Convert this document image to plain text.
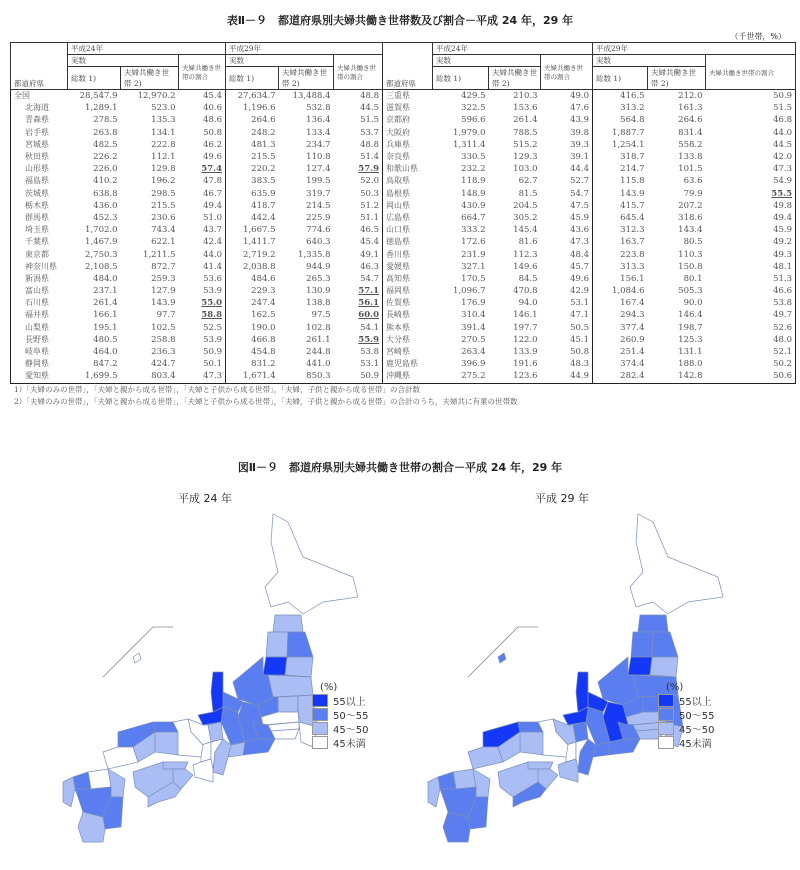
表Ⅱ－９　都道府県別夫婦共働き世帯数及び割合－平成 24 年，29 年
（千世帯，%）
都道府県	平成24年			平成29年			都道府県	平成24年			平成29年		
	実数		夫婦共働き世帯の割合	実数		夫婦共働き世帯の割合		実数		夫婦共働き世帯の割合	実数		夫婦共働き世帯の割合
	総数 1)	夫婦共働き世帯 2)		総数 1)	夫婦共働き世帯 2)			総数 1)	夫婦共働き世帯 2)		総数 1)	夫婦共働き世帯 2)	
全国	28,547.9	12,970.2	45.4	27,634.7	13,488.4	48.8	三重県	429.5	210.3	49.0	416.5	212.0	50.9
北海道	1,289.1	523.0	40.6	1,196.6	532.8	44.5	滋賀県	322.5	153.6	47.6	313.2	161.3	51.5
青森県	278.5	135.3	48.6	264.6	136.4	51.5	京都府	596.6	261.4	43.9	564.8	264.6	46.8
岩手県	263.8	134.1	50.8	248.2	133.4	53.7	大阪府	1,979.0	788.5	39.8	1,887.7	831.4	44.0
宮城県	482.5	222.8	46.2	481.3	234.7	48.8	兵庫県	1,311.4	515.2	39.3	1,254.1	558.2	44.5
秋田県	226.2	112.1	49.6	215.5	110.8	51.4	奈良県	330.5	129.3	39.1	318.7	133.8	42.0
山形県	226.0	129.8	57.4	220.2	127.4	57.9	和歌山県	232.2	103.0	44.4	214.7	101.5	47.3
福島県	410.2	196.2	47.8	383.5	199.5	52.0	鳥取県	118.9	62.7	52.7	115.8	63.6	54.9
茨城県	638.8	298.5	46.7	635.9	319.7	50.3	島根県	148.9	81.5	54.7	143.9	79.9	55.5
栃木県	436.0	215.5	49.4	418.7	214.5	51.2	岡山県	430.9	204.5	47.5	415.7	207.2	49.8
群馬県	452.3	230.6	51.0	442.4	225.9	51.1	広島県	664.7	305.2	45.9	645.4	318.6	49.4
埼玉県	1,702.0	743.4	43.7	1,667.5	774.6	46.5	山口県	333.2	145.4	43.6	312.3	143.4	45.9
千葉県	1,467.9	622.1	42.4	1,411.7	640.3	45.4	徳島県	172.6	81.6	47.3	163.7	80.5	49.2
東京都	2,750.3	1,211.5	44.0	2,719.2	1,335.8	49.1	香川県	231.9	112.3	48.4	223.8	110.3	49.3
神奈川県	2,108.5	872.7	41.4	2,038.8	944.9	46.3	愛媛県	327.1	149.6	45.7	313.3	150.8	48.1
新潟県	484.0	259.3	53.6	484.6	265.3	54.7	高知県	170.5	84.5	49.6	156.1	80.1	51.3
富山県	237.1	127.9	53.9	229.3	130.9	57.1	福岡県	1,096.7	470.8	42.9	1,084.6	505.3	46.6
石川県	261.4	143.9	55.0	247.4	138.8	56.1	佐賀県	176.9	94.0	53.1	167.4	90.0	53.8
福井県	166.1	97.7	58.8	162.5	97.5	60.0	長崎県	310.4	146.1	47.1	294.3	146.4	49.7
山梨県	195.1	102.5	52.5	190.0	102.8	54.1	熊本県	391.4	197.7	50.5	377.4	198.7	52.6
長野県	480.5	258.8	53.9	466.8	261.1	55.9	大分県	270.5	122.0	45.1	260.9	125.3	48.0
岐阜県	464.0	236.3	50.9	454.8	244.8	53.8	宮崎県	263.4	133.9	50.8	251.4	131.1	52.1
静岡県	847.2	424.7	50.1	831.2	441.0	53.1	鹿児島県	396.9	191.6	48.3	374.4	188.0	50.2
愛知県	1,699.5	803.4	47.3	1,671.4	850.3	50.9	沖縄県	275.2	123.6	44.9	282.4	142.8	50.6
1）「夫婦のみの世帯」，「夫婦と親から成る世帯」，「夫婦と子供から成る世帯」，「夫婦，子供と親から成る世帯」の合計数
2）「夫婦のみの世帯」，「夫婦と親から成る世帯」，「夫婦と子供から成る世帯」，「夫婦，子供と親から成る世帯」の合計のうち，夫婦共に有業の世帯数
図Ⅱ－９　都道府県別夫婦共働き世帯の割合－平成 24 年，29 年
平成 24 年	平成 29 年
(%)
55以上
50～55
45～50
45未満
(%)
55以上
50～55
45～50
45未満
